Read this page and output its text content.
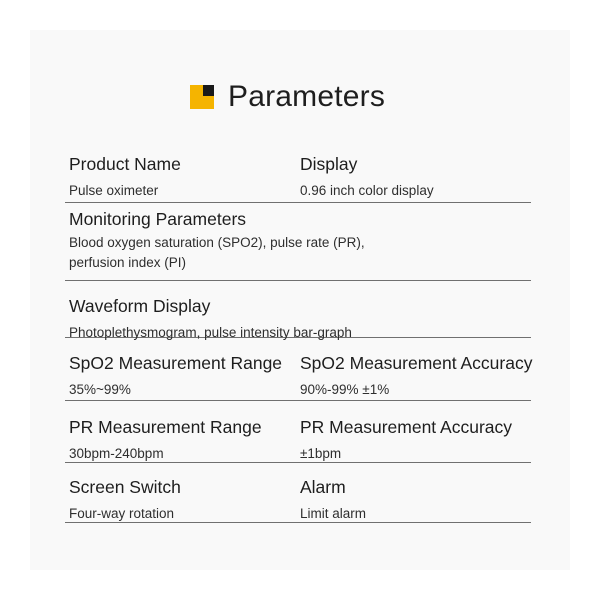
Parameters
Product Name
Pulse oximeter
Display
0.96 inch color display
Monitoring Parameters
Blood oxygen saturation (SPO2), pulse rate (PR), perfusion index (PI)
Waveform Display
Photoplethysmogram, pulse intensity bar-graph
SpO2 Measurement Range
35%~99%
SpO2 Measurement Accuracy
90%-99% ±1%
PR Measurement Range
30bpm-240bpm
PR Measurement Accuracy
±1bpm
Screen Switch
Four-way rotation
Alarm
Limit alarm
